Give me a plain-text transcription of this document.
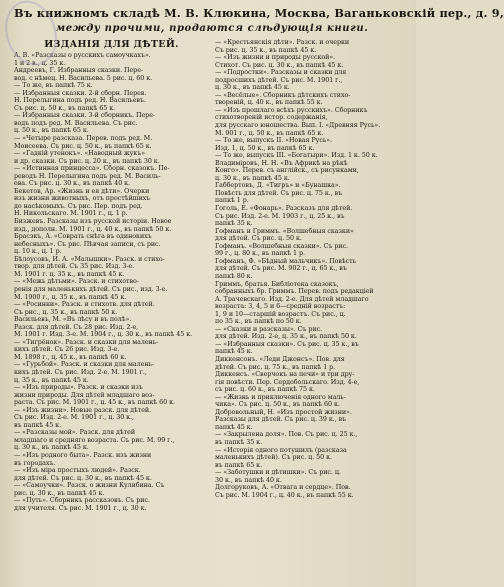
Въ книжномъ складѣ М. В. Клюкина, Москва, Ваганьковскій пер., д. 9,
между прочими, продаются слѣдующія книги.
ИЗДАНІЯ ДЛЯ ДѢТЕЙ.
А. В. «Разсказы о русскихъ самоучкахъ».
1 и 2 в., ц. 35 к.
Андреевъ, Г. Избранныя сказки. Пере-
вод. с нѣмец. Н. Васильева. 5 рис. ц. 60 к.
— То же, въ папкѣ 75 к.
— Избранныя сказки. 2-й сборн. Перев.
Н. Перелыгина подъ ред. Н. Васильевъ.
Съ рис. ц. 50 к., въ папкѣ 65 к.
— Избранныя сказки. 3-й сборникъ. Пере-
водъ подъ ред. М. Васильева. Съ рис.
ц. 50 к., въ папкѣ 65 к.
— «Четыре разсказа. Перев. подъ ред. М.
Моисеева. Съ рис. ц. 50 к., въ папкѣ 65 к.
— «Гадкій утенокъ». «Наводный жукъ»
и др. сказки. Съ рис. ц. 20 к., въ папкѣ 30 к.
— «Истинная принцесса». Сборн. сказокъ. Пе-
реводъ Н. Перелыгина подъ ред. М. Василь-
ева. Съ рис. ц. 30 к., въ папкѣ 40 к.
Бекетов, Ар. «Жизнь и ея дѣти». Очерки
изъ жизни животныхъ, отъ простѣйшихъ
до насѣкомыхъ. Съ рис. Пер. подъ ред.
Н. Никольскаго. М. 1901 г., ц. 1 р.
Бизжевъ. Разсказы изъ русской исторіи. Новое
изд., дополн. М. 1901 г., ц. 40 к., въ папкѣ 50 к.
Брасэкъ, А. «Соврать снѣга въ одинокихъ
небесныхъ». Съ рис. Пѣвчая записи, съ рис.
ц. 10 к., ц. 1 р.
Бѣлоусовъ, И. А. «Малышки». Разск. и стихо-
твор. для дѣтей. Съ 35 рис. Изд. 3-е.
М. 1901 г. ц. 35 к., въ папкѣ 45 к.
— «Межь дѣтьми». Разск. и стихотво-
ренія для маленькихъ дѣтей. Съ рис., изд. 3-е.
М. 1900 г., ц. 35 к., въ папкѣ 45 к.
— «Росинки». Разск. и стихотв. для дѣтей.
Съ рис., ц. 35 к., въ папкѣ 50 к.
Васильевъ, М. «Въ лѣсу и въ полѣ».
Разск. для дѣтей. Съ 28 рис. Изд. 2-е,
М. 1901 г. Изд. 3-е. М. 1904 г., ц. 30 к., въ папкѣ 45 к.
— «Тигрёнок». Разск. и сказки для малень-
кихъ дѣтей. Съ 26 рис. Изд. 3-е.
М. 1898 г., ц. 45 к., въ папкѣ 60 к.
— «Гурьбой». Разск. и сказки для малень-
кихъ дѣтей. Съ рис. Изд. 2-е. М. 1901 г.,
ц. 35 к., въ папкѣ 45 к.
— «Изъ природы». Разск. и сказки изъ
жизни природы. Для дѣтей младшаго воз-
раста. Съ рис. М. 1901 г., ц. 45 к., въ папкѣ 60 к.
— «Изъ жизни». Новые разск. для дѣтей.
Съ рис. Изд. 2-е. М. 1901 г., ц. 30 к.,
въ папкѣ 45 к.
— «Разсказы мой». Разск. для дѣтей
младшаго и средняго возраста. Съ рис. М. 99 г.,
ц. 30 к., въ папкѣ 45 к.
— «Изъ родного быта». Разск. изъ жизни
въ городахъ.
— «Изъ міра простыхъ людей». Разск.
для дѣтей. Съ рис. ц. 30 к., въ папкѣ 45 к.
— «Самоучки». Разск. о жизни Кулибина. Съ
рис. ц. 30 к., въ папкѣ 45 к.
— «Путь». Сборникъ рассказовъ. Съ рис.
для учителя. Съ рис. М. 1901 г., ц. 30 к.
— «Крестьянскія дѣти». Разск. и очерки
Съ рис. ц. 35 к., въ папкѣ 45 к.
— «Изъ жизни и природы русской».
Стихот. Съ рис. ц. 30 к., въ папкѣ 45 к.
— «Подростки». Разсказы и сказки для
подросшихъ дѣтей. Съ рис. М. 1901 г.,
ц. 30 к., въ папкѣ 45 к.
— «Весёлые». Сборникъ дѣтскихъ стихо-
твореній, ц. 40 к., въ папкѣ 55 к.
— «Изъ прошлаго всѣхъ русскихъ». Сборникъ
стихотвореній истор. содержанія,
для русскаго юношества. Вып. I. «Древняя Русь».
М. 901 г., ц. 50 к., въ папкѣ 65 к.
— То же, выпускъ II. «Новая Русь».
Изд. 1, ц. 50 к., въ папкѣ 65 к.
— То же, выпускъ III. «Богатыри». Изд. 1 к. 50 к.
Владиміровъ, Н. Н. «Въ Африкѣ на рѣкѣ
Конго». Перев. съ англійск., съ рисунками,
ц. 30 к., въ папкѣ 45 к.
Габбертовъ, Д. «Тигръ» и «Бунашка».
Повѣсть для дѣтей. Съ рис. ц. 75 к., въ
папкѣ 1 р.
Гоголь, Е. «Фонарь». Разсказъ для дѣтей.
Съ рис. Изд. 2-е. М. 1903 г., ц. 25 к., въ
папкѣ 35 к.
Гофманъ и Гриммъ. «Волшебныя сказки»
для дѣтей. Съ рис. ц. 50 к.
Гофманъ. «Волшебныя сказки». Съ рис.
99 г., ц. 80 к., въ папкѣ 1 р.
Гофманъ, Ф. «Бѣдный мальчикъ». Повѣсть
для дѣтей. Съ рис. М. 902 г., ц. 65 к., въ
папкѣ 80 к.
Гриммъ, братья. Библіотека сказокъ,
собранныхъ бр. Гриммъ. Перев. подъ редакціей
А. Трачевскаго. Изд. 2-е. Для дѣтей младшаго
возраста: 3, 4, 5 и 6—средній возрастъ:
1, 9 и 10—старшій возрастъ. Съ рис., ц.
по 35 к., въ папкѣ по 50 к.
— «Сказки и разсказы». Съ рис.
для дѣтей. Изд. 2-е, ц. 35 к., въ папкѣ 50 к.
— «Избранныя сказки». Съ рис. ц. 35 к., въ
папкѣ 45 к.
Диккенсонъ. «Леди Джонсъ». Пов. для
дѣтей. Съ рис. ц. 75 к., въ папкѣ 1 р.
Диккенсъ. «Сверчокъ на печи» и три дру-
гія повѣсти. Пер. Сердобольскаго. Изд. 4-е,
съ рис. ц. 60 к., въ папкѣ 75 к.
— «Жизнь и приключенія одного маль-
чика». Съ рис. ц. 50 к., въ папкѣ 60 к.
Добровольный, Н. «Изъ простой жизни».
Разсказы для дѣтей. Съ рис. ц. 39 к., въ
папкѣ 45 к.
— «Закрылена доля». Пов. Съ рис. ц. 25 к.,
въ папкѣ 35 к.
— «Исторія одного потушилъ (разсказа
маленькихъ дѣтей). Съ рис. ц. 50 к.
въ папкѣ 65 к.
— «Заботушки и дѣтишки». Съ рис. ц.
30 к., въ папкѣ 40 к.
Долгоруковъ, А. «Отвага и сердце». Пов.
Съ рис. М. 1904 г., ц. 40 к., въ папкѣ 55 к.
